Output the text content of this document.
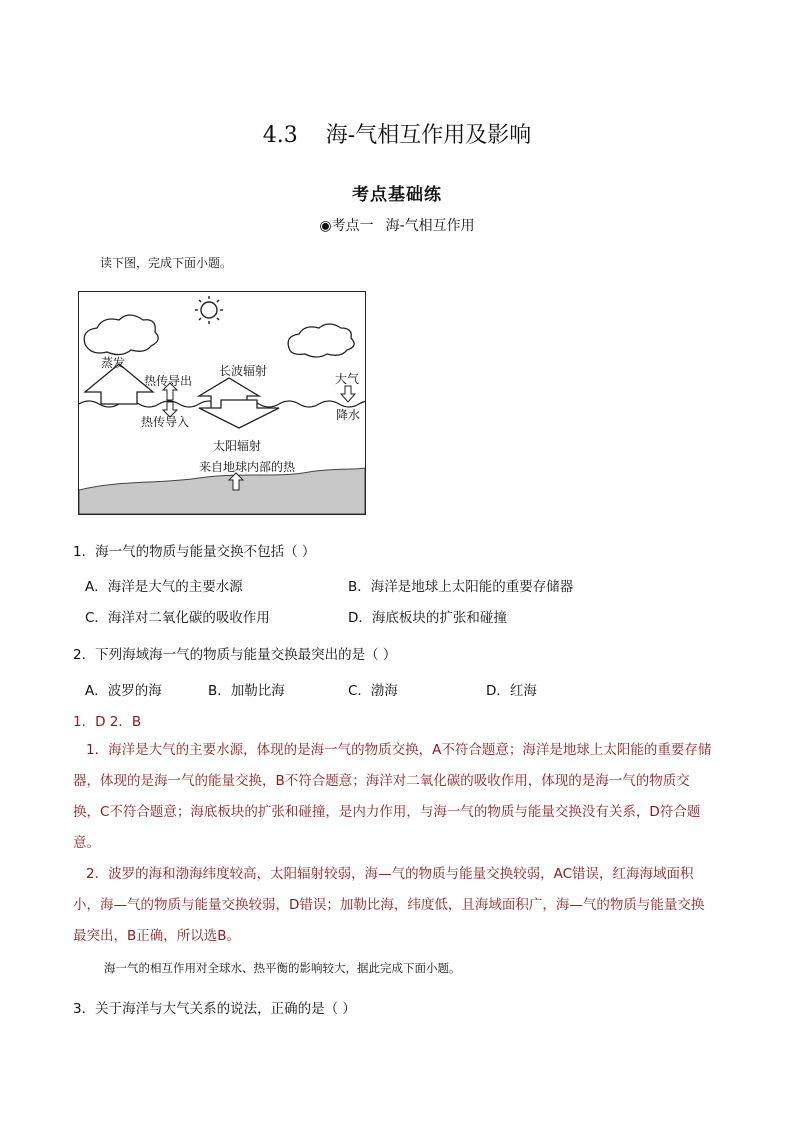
4.3 海-气相互作用及影响
考点基础练
◉考点一 海-气相互作用
读下图，完成下面小题。
蒸发
热传导出
热传导入
长波辐射
大气
降水
太阳辐射
来自地球内部的热
1．海一气的物质与能量交换不包括（ ）
A．海洋是大气的主要水源	B．海洋是地球上太阳能的重要存储器
C．海洋对二氧化碳的吸收作用	D．海底板块的扩张和碰撞
2．下列海域海一气的物质与能量交换最突出的是（ ）
A．波罗的海	B．加勒比海	C．渤海	D．红海
1．D 2．B
1．海洋是大气的主要水源，体现的是海一气的物质交换，A不符合题意；海洋是地球上太阳能的重要存储器，体现的是海一气的能量交换，B不符合题意；海洋对二氧化碳的吸收作用，体现的是海一气的物质交换，C不符合题意；海底板块的扩张和碰撞，是内力作用，与海一气的物质与能量交换没有关系，D符合题意。
2．波罗的海和渤海纬度较高，太阳辐射较弱，海—气的物质与能量交换较弱，AC错误，红海海域面积小，海—气的物质与能量交换较弱，D错误；加勒比海，纬度低，且海域面积广，海—气的物质与能量交换最突出，B正确，所以选B。
海一气的相互作用对全球水、热平衡的影响较大，据此完成下面小题。
3．关于海洋与大气关系的说法，正确的是（ ）
